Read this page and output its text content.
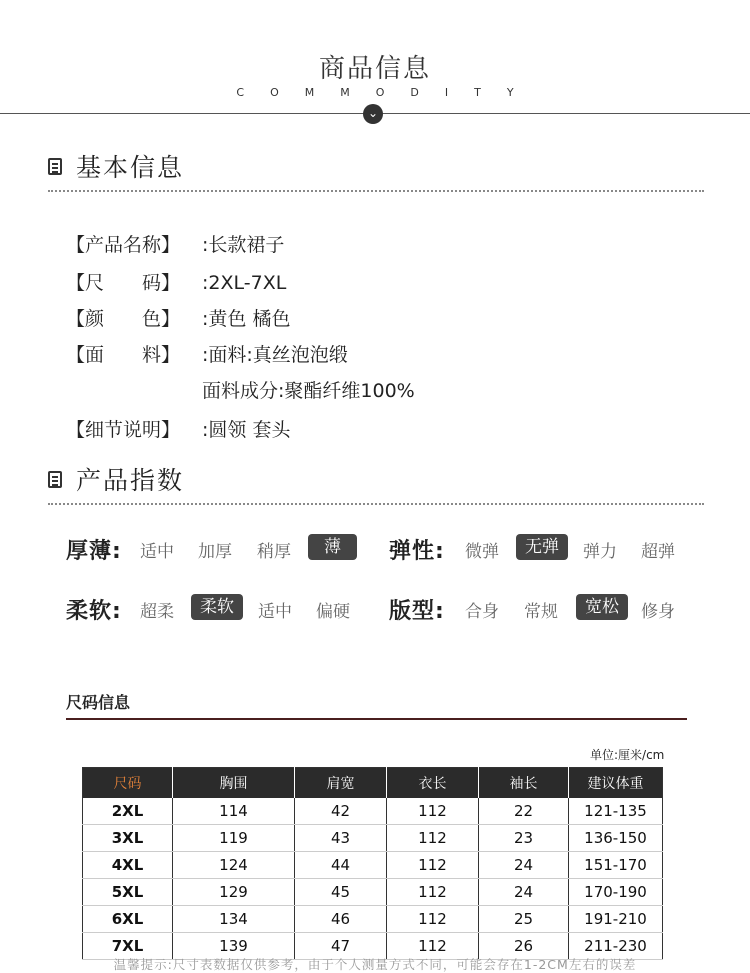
商品信息
COMMODITY
⌄
基本信息
【产品名称】 :长款裙子
【尺　　码】 :2XL-7XL
【颜　　色】 :黄色 橘色
【面　　料】 :面料:真丝泡泡缎
面料成分:聚酯纤维100%
【细节说明】 :圆领 套头
产品指数
厚薄: 适中 加厚 稍厚	薄	弹性: 微弹	无弹	弹力 超弹
柔软: 超柔	柔软	适中 偏硬 版型: 合身 常规	宽松	修身
尺码信息
单位:厘米/cm
尺码	胸围	肩宽	衣长	袖长	建议体重
2XL	114	42	112	22	121-135
3XL	119	43	112	23	136-150
4XL	124	44	112	24	151-170
5XL	129	45	112	24	170-190
6XL	134	46	112	25	191-210
7XL	139	47	112	26	211-230
温馨提示:尺寸表数据仅供参考，由于个人测量方式不同，可能会存在1-2CM左右的误差
